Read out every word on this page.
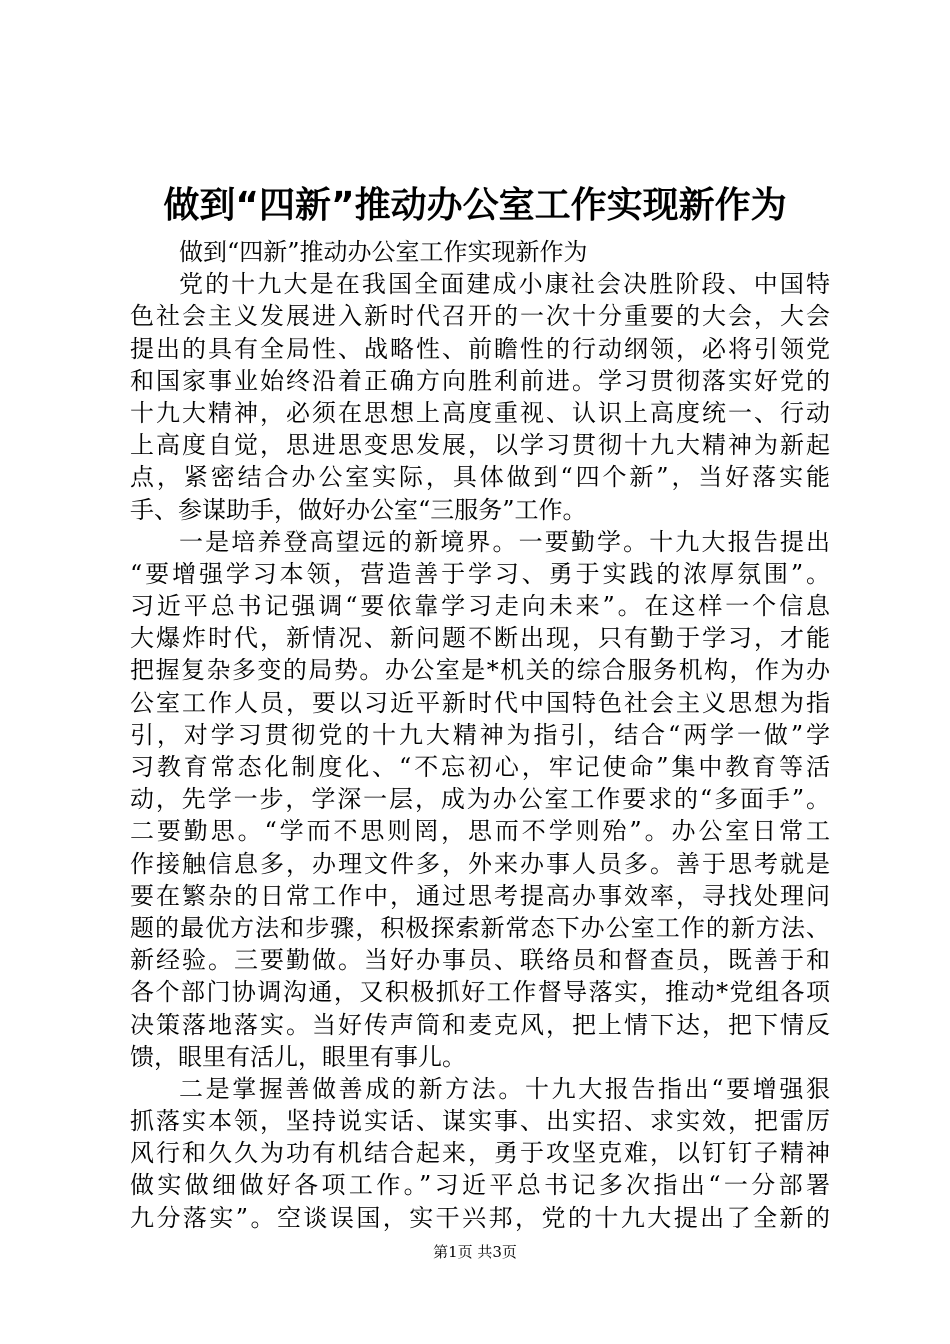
做到“四新”推动办公室工作实现新作为
做到“四新”推动办公室工作实现新作为
党的十九大是在我国全面建成小康社会决胜阶段、中国特
色社会主义发展进入新时代召开的一次十分重要的大会，大会
提出的具有全局性、战略性、前瞻性的行动纲领，必将引领党
和国家事业始终沿着正确方向胜利前进。学习贯彻落实好党的
十九大精神，必须在思想上高度重视、认识上高度统一、行动
上高度自觉，思进思变思发展，以学习贯彻十九大精神为新起
点，紧密结合办公室实际，具体做到“四个新”，当好落实能
手、参谋助手，做好办公室“三服务”工作。
一是培养登高望远的新境界。一要勤学。十九大报告提出
“要增强学习本领，营造善于学习、勇于实践的浓厚氛围”。
习近平总书记强调“要依靠学习走向未来”。在这样一个信息
大爆炸时代，新情况、新问题不断出现，只有勤于学习，才能
把握复杂多变的局势。办公室是*机关的综合服务机构，作为办
公室工作人员，要以习近平新时代中国特色社会主义思想为指
引，对学习贯彻党的十九大精神为指引，结合“两学一做”学
习教育常态化制度化、“不忘初心，牢记使命”集中教育等活
动，先学一步，学深一层，成为办公室工作要求的“多面手”。
二要勤思。“学而不思则罔，思而不学则殆”。办公室日常工
作接触信息多，办理文件多，外来办事人员多。善于思考就是
要在繁杂的日常工作中，通过思考提高办事效率，寻找处理问
题的最优方法和步骤，积极探索新常态下办公室工作的新方法、
新经验。三要勤做。当好办事员、联络员和督查员，既善于和
各个部门协调沟通，又积极抓好工作督导落实，推动*党组各项
决策落地落实。当好传声筒和麦克风，把上情下达，把下情反
馈，眼里有活儿，眼里有事儿。
二是掌握善做善成的新方法。十九大报告指出“要增强狠
抓落实本领，坚持说实话、谋实事、出实招、求实效，把雷厉
风行和久久为功有机结合起来，勇于攻坚克难，以钉钉子精神
做实做细做好各项工作。”习近平总书记多次指出“一分部署
九分落实”。空谈误国，实干兴邦，党的十九大提出了全新的
第1页 共3页
